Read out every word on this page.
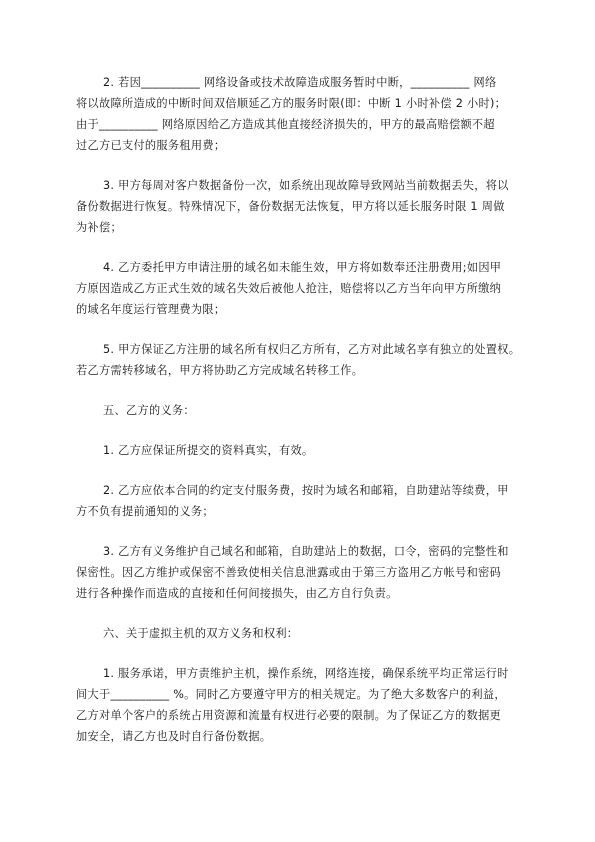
2. 若因__________ 网络设备或技术故障造成服务暂时中断，__________ 网络
将以故障所造成的中断时间双倍顺延乙方的服务时限(即：中断 1 小时补偿 2 小时)；
由于__________ 网络原因给乙方造成其他直接经济损失的，甲方的最高赔偿额不超
过乙方已支付的服务租用费；
3. 甲方每周对客户数据备份一次，如系统出现故障导致网站当前数据丢失，将以
备份数据进行恢复。特殊情况下，备份数据无法恢复，甲方将以延长服务时限 1 周做
为补偿；
4. 乙方委托甲方申请注册的域名如未能生效，甲方将如数奉还注册费用;如因甲
方原因造成乙方正式生效的域名失效后被他人抢注，赔偿将以乙方当年向甲方所缴纳
的域名年度运行管理费为限；
5. 甲方保证乙方注册的域名所有权归乙方所有，乙方对此域名享有独立的处置权。
若乙方需转移域名，甲方将协助乙方完成域名转移工作。
五、乙方的义务：
1. 乙方应保证所提交的资料真实，有效。
2. 乙方应依本合同的约定支付服务费，按时为域名和邮箱，自助建站等续费，甲
方不负有提前通知的义务；
3. 乙方有义务维护自己域名和邮箱，自助建站上的数据，口令，密码的完整性和
保密性。因乙方维护或保密不善致使相关信息泄露或由于第三方盗用乙方帐号和密码
进行各种操作而造成的直接和任何间接损失，由乙方自行负责。
六、关于虚拟主机的双方义务和权利：
1. 服务承诺，甲方责维护主机，操作系统，网络连接，确保系统平均正常运行时
间大于__________ %。同时乙方要遵守甲方的相关规定。为了绝大多数客户的利益，
乙方对单个客户的系统占用资源和流量有权进行必要的限制。为了保证乙方的数据更
加安全，请乙方也及时自行备份数据。
